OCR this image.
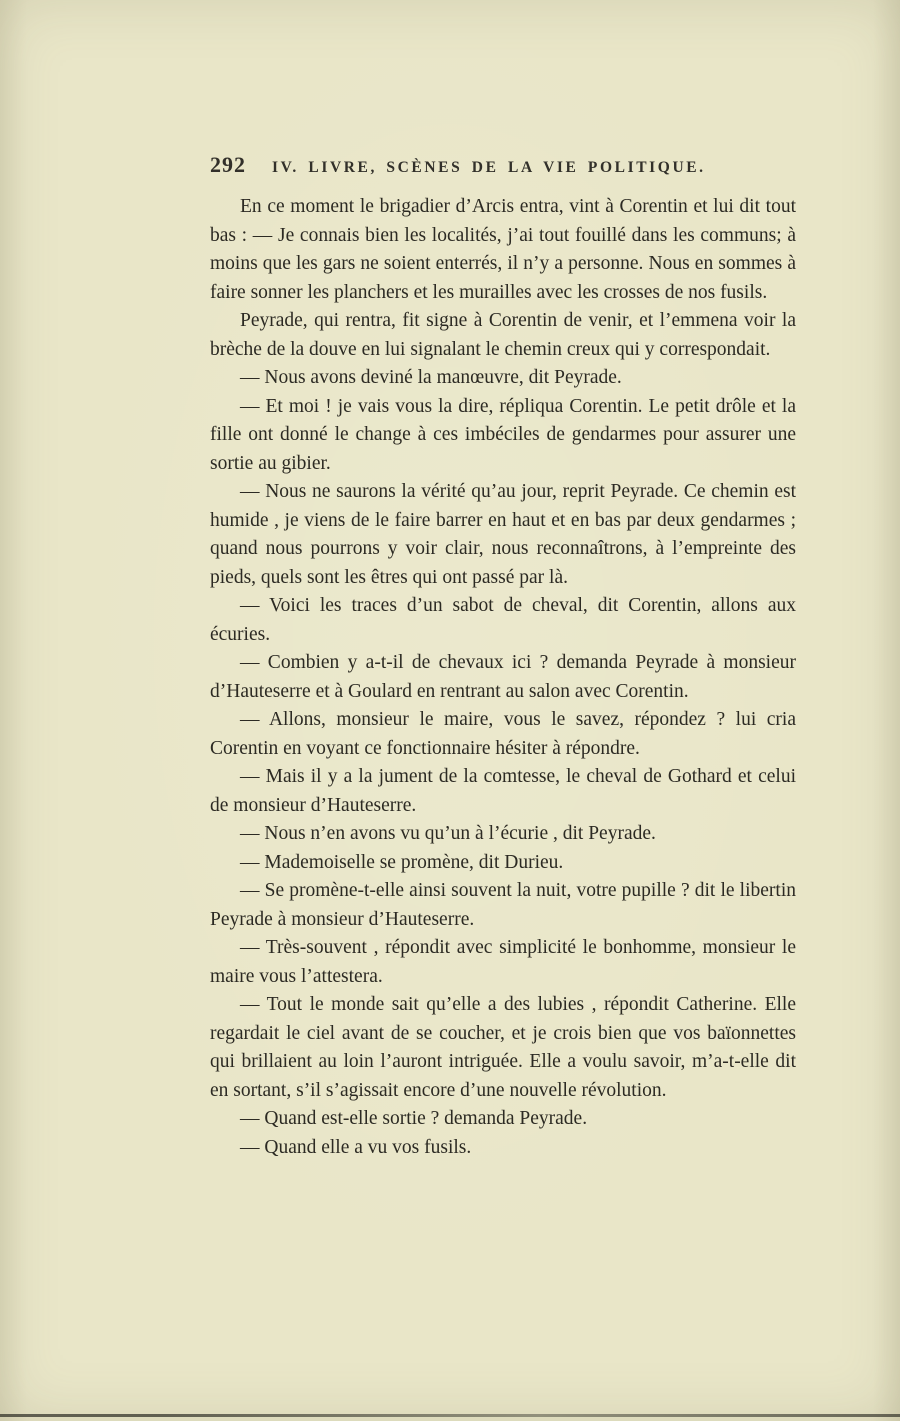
292 IV. LIVRE, SCÈNES DE LA VIE POLITIQUE.

En ce moment le brigadier d’Arcis entra, vint à Corentin et lui dit tout bas : — Je connais bien les localités, j’ai tout fouillé dans les communs; à moins que les gars ne soient enterrés, il n’y a personne. Nous en sommes à faire sonner les planchers et les murailles avec les crosses de nos fusils.

Peyrade, qui rentra, fit signe à Corentin de venir, et l’emmena voir la brèche de la douve en lui signalant le chemin creux qui y correspondait.

— Nous avons deviné la manœuvre, dit Peyrade.

— Et moi ! je vais vous la dire, répliqua Corentin. Le petit drôle et la fille ont donné le change à ces imbéciles de gendarmes pour assurer une sortie au gibier.

— Nous ne saurons la vérité qu’au jour, reprit Peyrade. Ce chemin est humide , je viens de le faire barrer en haut et en bas par deux gendarmes ; quand nous pourrons y voir clair, nous reconnaîtrons, à l’empreinte des pieds, quels sont les êtres qui ont passé par là.

— Voici les traces d’un sabot de cheval, dit Corentin, allons aux écuries.

— Combien y a-t-il de chevaux ici ? demanda Peyrade à monsieur d’Hauteserre et à Goulard en rentrant au salon avec Corentin.

— Allons, monsieur le maire, vous le savez, répondez ? lui cria Corentin en voyant ce fonctionnaire hésiter à répondre.

— Mais il y a la jument de la comtesse, le cheval de Gothard et celui de monsieur d’Hauteserre.

— Nous n’en avons vu qu’un à l’écurie , dit Peyrade.

— Mademoiselle se promène, dit Durieu.

— Se promène-t-elle ainsi souvent la nuit, votre pupille ? dit le libertin Peyrade à monsieur d’Hauteserre.

— Très-souvent , répondit avec simplicité le bonhomme, monsieur le maire vous l’attestera.

— Tout le monde sait qu’elle a des lubies , répondit Catherine. Elle regardait le ciel avant de se coucher, et je crois bien que vos baïonnettes qui brillaient au loin l’auront intriguée. Elle a voulu savoir, m’a-t-elle dit en sortant, s’il s’agissait encore d’une nouvelle révolution.

— Quand est-elle sortie ? demanda Peyrade.

— Quand elle a vu vos fusils.
